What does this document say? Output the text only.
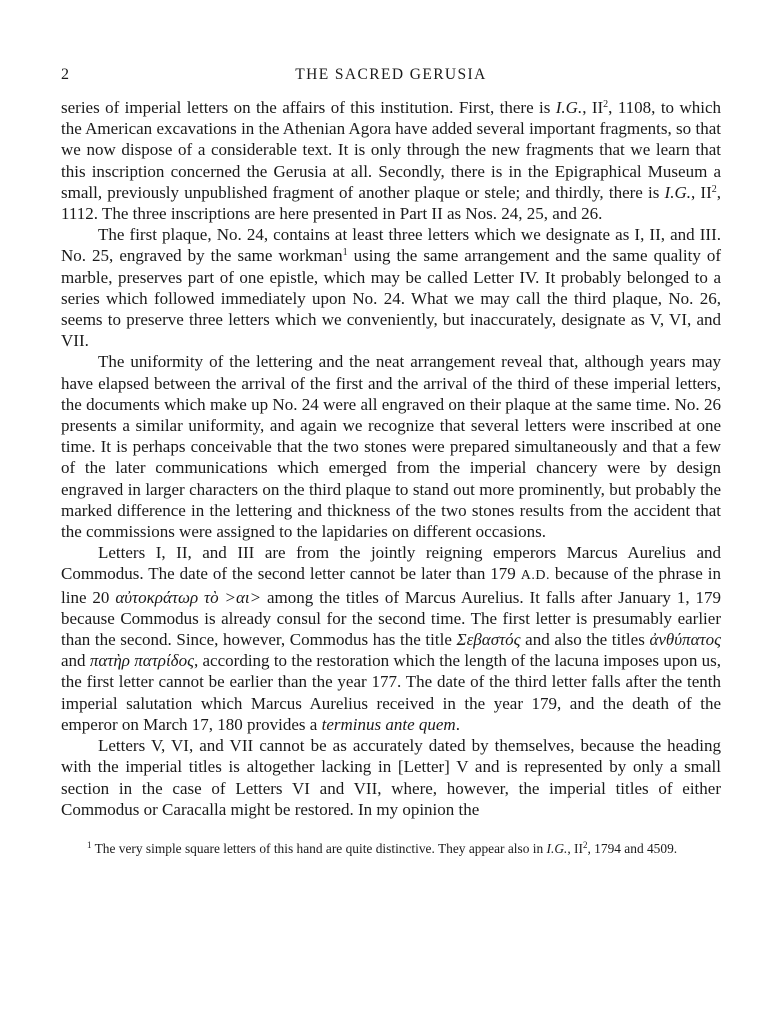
2	THE SACRED GERUSIA

series of imperial letters on the affairs of this institution. First, there is I.G., $II^2$, 1108, to which the American excavations in the Athenian Agora have added several important fragments, so that we now dispose of a considerable text. It is only through the new fragments that we learn that this inscription concerned the Gerusia at all. Secondly, there is in the Epigraphical Museum a small, previously unpublished fragment of another plaque or stele; and thirdly, there is I.G., $II^2$, 1112. The three inscriptions are here presented in Part II as Nos. 24, 25, and 26.

The first plaque, No. 24, contains at least three letters which we designate as I, II, and III. No. 25, engraved by the same workman$^1$ using the same arrangement and the same quality of marble, preserves part of one epistle, which may be called Letter IV. It probably belonged to a series which followed immediately upon No. 24. What we may call the third plaque, No. 26, seems to preserve three letters which we conveniently, but inaccurately, designate as V, VI, and VII.

The uniformity of the lettering and the neat arrangement reveal that, although years may have elapsed between the arrival of the first and the arrival of the third of these imperial letters, the documents which make up No. 24 were all engraved on their plaque at the same time. No. 26 presents a similar uniformity, and again we recognize that several letters were inscribed at one time. It is perhaps conceivable that the two stones were prepared simultaneously and that a few of the later communications which emerged from the imperial chancery were by design engraved in larger characters on the third plaque to stand out more prominently, but probably the marked difference in the lettering and thickness of the two stones results from the accident that the commissions were assigned to the lapidaries on different occasions.

Letters I, II, and III are from the jointly reigning emperors Marcus Aurelius and Commodus. The date of the second letter cannot be later than 179 A.D. because of the phrase in line 20 αὐτοκράτωρ τὸ >αι> among the titles of Marcus Aurelius. It falls after January 1, 179 because Commodus is already consul for the second time. The first letter is presumably earlier than the second. Since, however, Commodus has the title Σεβαστός and also the titles ἀνθύπατος and πατὴρ πατρίδος, according to the restoration which the length of the lacuna imposes upon us, the first letter cannot be earlier than the year 177. The date of the third letter falls after the tenth imperial salutation which Marcus Aurelius received in the year 179, and the death of the emperor on March 17, 180 provides a terminus ante quem.

Letters V, VI, and VII cannot be as accurately dated by themselves, because the heading with the imperial titles is altogether lacking in [Letter] V and is represented by only a small section in the case of Letters VI and VII, where, however, the imperial titles of either Commodus or Caracalla might be restored. In my opinion the

$^1$ The very simple square letters of this hand are quite distinctive. They appear also in I.G., $II^2$, 1794 and 4509.
